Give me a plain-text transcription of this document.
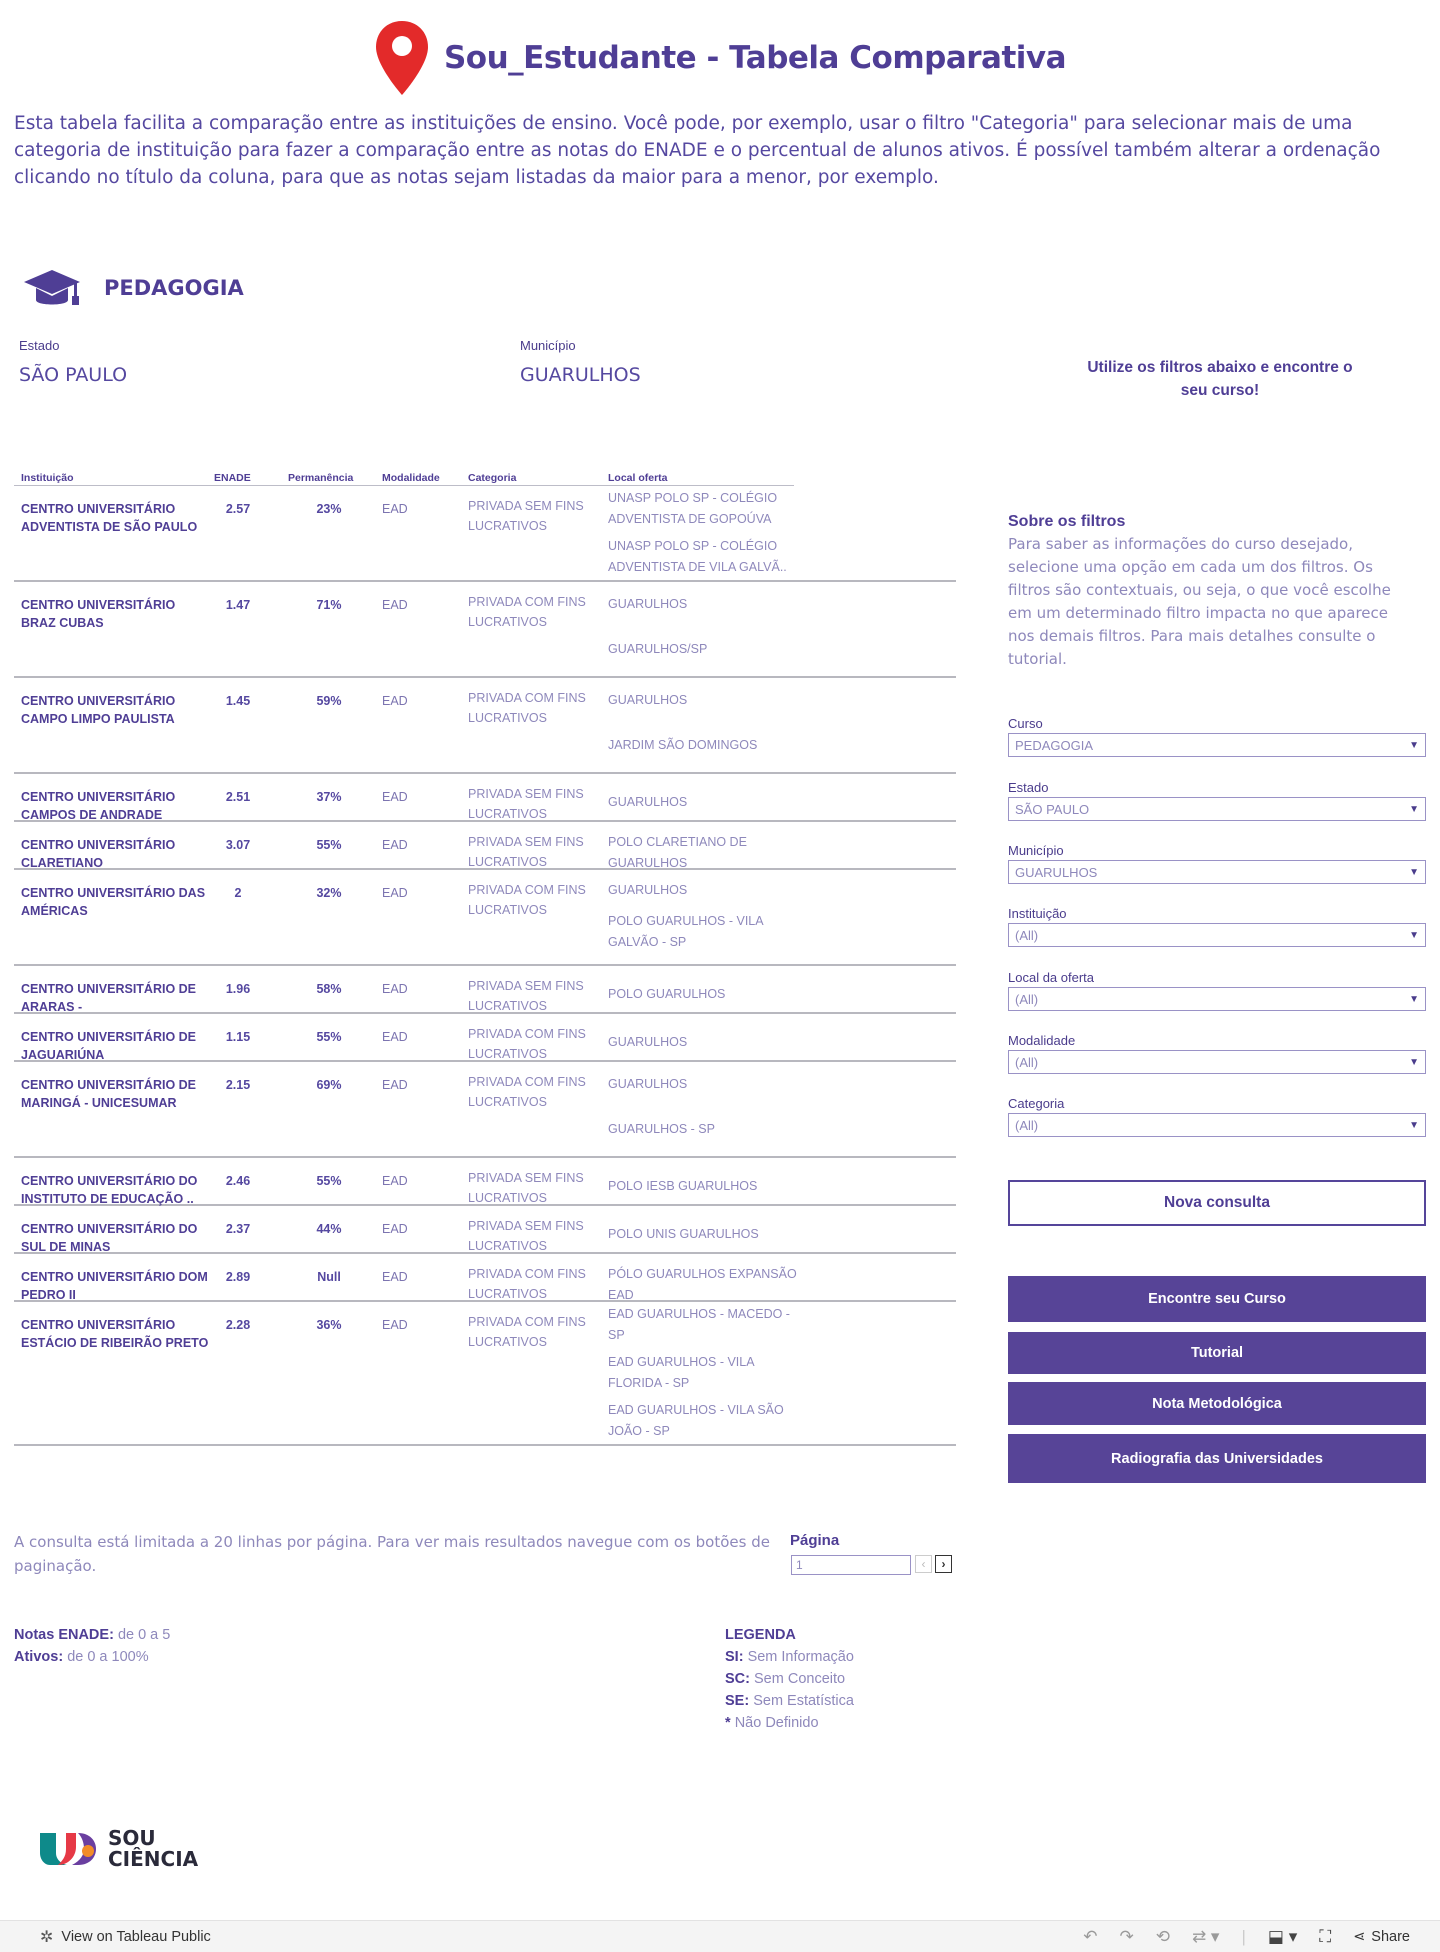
Sou_Estudante - Tabela Comparativa

Esta tabela facilita a comparação entre as instituições de ensino. Você pode, por exemplo, usar o filtro "Categoria" para selecionar mais de uma categoria de instituição para fazer a comparação entre as notas do ENADE e o percentual de alunos ativos. É possível também alterar a ordenação clicando no título da coluna, para que as notas sejam listadas da maior para a menor, por exemplo.

PEDAGOGIA
Estado
SÃO PAULO
Município
GUARULHOS	Utilize os filtros abaixo e encontre o seu curso!
Instituição	ENADE	Permanência	Modalidade	Categoria	Local oferta
CENTRO UNIVERSITÁRIO ADVENTISTA DE SÃO PAULO
2.57	23%	EAD	PRIVADA SEM FINS LUCRATIVOS
UNASP POLO SP - COLÉGIO ADVENTISTA DE GOPOÚVA
UNASP POLO SP - COLÉGIO ADVENTISTA DE VILA GALVÃ..
CENTRO UNIVERSITÁRIO BRAZ CUBAS
1.47	71%	EAD	PRIVADA COM FINS LUCRATIVOS
GUARULHOS
GUARULHOS/SP
CENTRO UNIVERSITÁRIO CAMPO LIMPO PAULISTA
1.45	59%	EAD	PRIVADA COM FINS LUCRATIVOS
GUARULHOS
JARDIM SÃO DOMINGOS
CENTRO UNIVERSITÁRIO CAMPOS DE ANDRADE
2.51	37%	EAD	PRIVADA SEM FINS LUCRATIVOS
GUARULHOS
CENTRO UNIVERSITÁRIO CLARETIANO
3.07	55%	EAD	PRIVADA SEM FINS LUCRATIVOS
POLO CLARETIANO DE GUARULHOS
CENTRO UNIVERSITÁRIO DAS AMÉRICAS
2	32%	EAD	PRIVADA COM FINS LUCRATIVOS
GUARULHOS
POLO GUARULHOS - VILA GALVÃO - SP
CENTRO UNIVERSITÁRIO DE ARARAS -
1.96	58%	EAD	PRIVADA SEM FINS LUCRATIVOS
POLO GUARULHOS
CENTRO UNIVERSITÁRIO DE JAGUARIÚNA
1.15	55%	EAD	PRIVADA COM FINS LUCRATIVOS
GUARULHOS
CENTRO UNIVERSITÁRIO DE MARINGÁ - UNICESUMAR
2.15	69%	EAD	PRIVADA COM FINS LUCRATIVOS
GUARULHOS
GUARULHOS - SP
CENTRO UNIVERSITÁRIO DO INSTITUTO DE EDUCAÇÃO ..
2.46	55%	EAD	PRIVADA SEM FINS LUCRATIVOS
POLO IESB GUARULHOS
CENTRO UNIVERSITÁRIO DO SUL DE MINAS
2.37	44%	EAD	PRIVADA SEM FINS LUCRATIVOS
POLO UNIS GUARULHOS
CENTRO UNIVERSITÁRIO DOM PEDRO II
2.89	Null	EAD	PRIVADA COM FINS LUCRATIVOS
PÓLO GUARULHOS EXPANSÃO EAD
CENTRO UNIVERSITÁRIO ESTÁCIO DE RIBEIRÃO PRETO
2.28	36%	EAD	PRIVADA COM FINS LUCRATIVOS
EAD GUARULHOS - MACEDO - SP
EAD GUARULHOS - VILA FLORIDA - SP
EAD GUARULHOS - VILA SÃO JOÃO - SP
Sobre os filtros
Para saber as informações do curso desejado, selecione uma opção em cada um dos filtros. Os filtros são contextuais, ou seja, o que você escolhe em um determinado filtro impacta no que aparece nos demais filtros. Para mais detalhes consulte o tutorial.
Curso
PEDAGOGIA	▼
Estado
SÃO PAULO	▼
Município
GUARULHOS	▼
Instituição
(All)	▼
Local da oferta
(All)	▼
Modalidade
(All)	▼
Categoria
(All)	▼
Nova consulta
Encontre seu Curso
Tutorial
Nota Metodológica
Radiografia das Universidades

A consulta está limitada a 20 linhas por página. Para ver mais resultados navegue com os botões de paginação.

Página
1	‹ ›
Notas ENADE: de 0 a 5
Ativos: de 0 a 100%
LEGENDA
SI: Sem Informação
SC: Sem Conceito
SE: Sem Estatística
* Não Definido
SOU
CIÊNCIA
✲ View on Tableau Public	↶ ↷ ⟲ ⇄ ▾ | ⬓ ▾ ⛶ ⋖ Share
